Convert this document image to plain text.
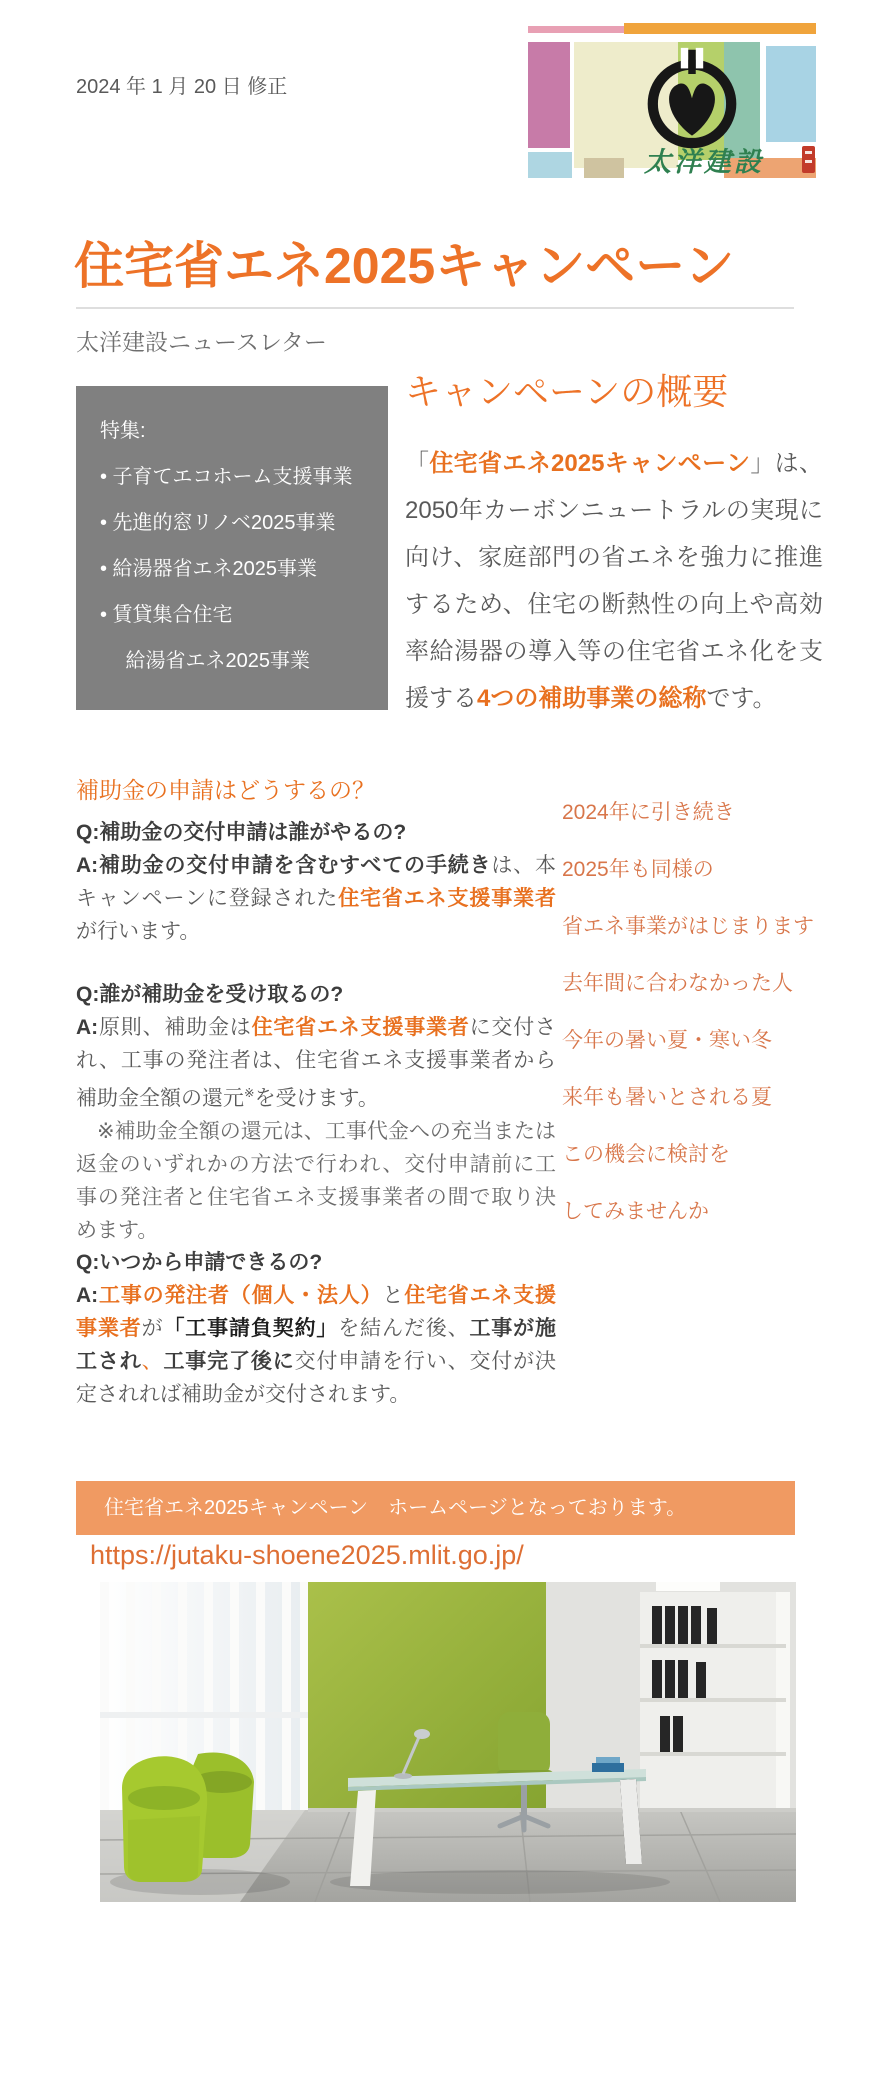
2024 年 1 月 20 日 修正
太洋建設
住宅省エネ2025キャンペーン
太洋建設ニュースレター
特集:
• 子育てエコホーム支援事業
• 先進的窓リノベ2025事業
• 給湯器省エネ2025事業
• 賃貸集合住宅
　 給湯省エネ2025事業
キャンペーンの概要
「住宅省エネ2025キャンペーン」は、2050年カーボンニュートラルの実現に向け、家庭部門の省エネを強力に推進するため、住宅の断熱性の向上や高効率給湯器の導入等の住宅省エネ化を支援する4つの補助事業の総称です。
補助金の申請はどうするの？
Q:補助金の交付申請は誰がやるの?
A:補助金の交付申請を含むすべての手続きは、本キャンペーンに登録された住宅省エネ支援事業者が行います。
Q:誰が補助金を受け取るの?
A:原則、補助金は住宅省エネ支援事業者に交付され、工事の発注者は、住宅省エネ支援事業者から補助金全額の還元※を受けます。
　※補助金全額の還元は、工事代金への充当または返金のいずれかの方法で行われ、交付申請前に工事の発注者と住宅省エネ支援事業者の間で取り決めます。
Q:いつから申請できるの?
A:工事の発注者（個人・法人）と住宅省エネ支援事業者が「工事請負契約」を結んだ後、工事が施工され、工事完了後に交付申請を行い、交付が決定されれば補助金が交付されます。
2024年に引き続き
2025年も同様の
省エネ事業がはじまります
去年間に合わなかった人
今年の暑い夏・寒い冬
来年も暑いとされる夏
この機会に検討を
してみませんか
住宅省エネ2025キャンペーン　ホームページとなっております。
https://jutaku-shoene2025.mlit.go.jp/
